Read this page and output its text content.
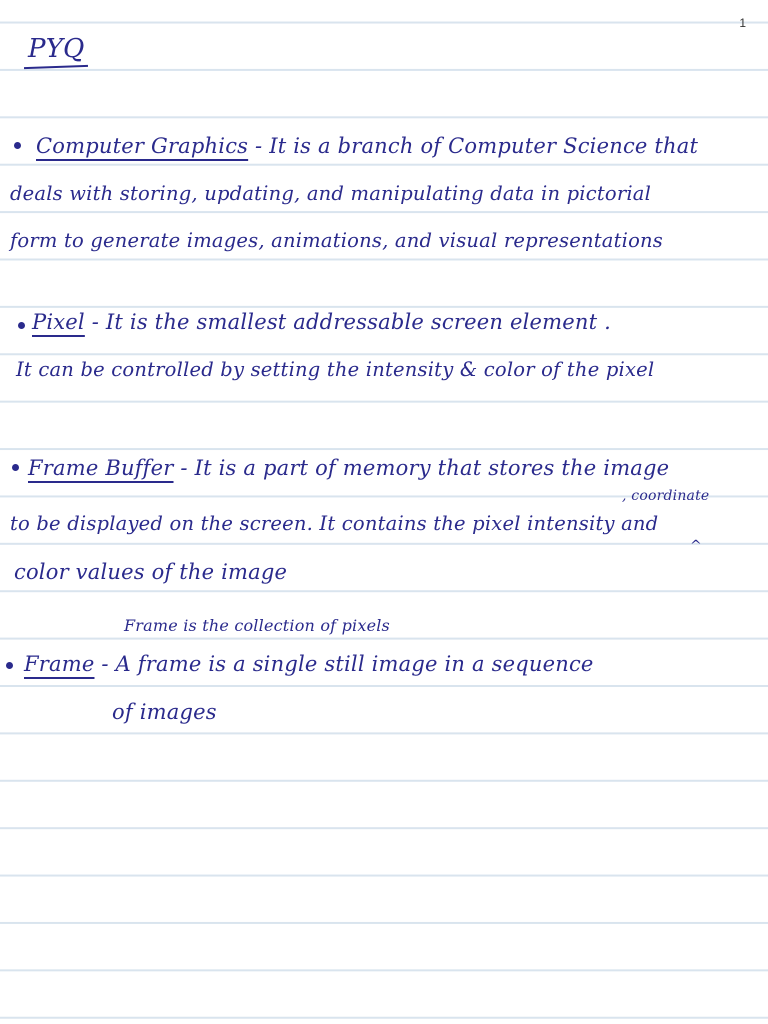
1
PYQ
Computer Graphics - It is a branch of Computer Science that
deals with storing, updating, and manipulating data in pictorial
form to generate images, animations, and visual representations
Pixel - It is the smallest addressable screen element .
It can be controlled by setting the intensity & color of the pixel
Frame Buffer - It is a part of memory that stores the image
, coordinate
to be displayed on the screen. It contains the pixel intensity and
^
color values of the image
Frame is the collection of pixels
Frame - A frame is a single still image in a sequence
of images
